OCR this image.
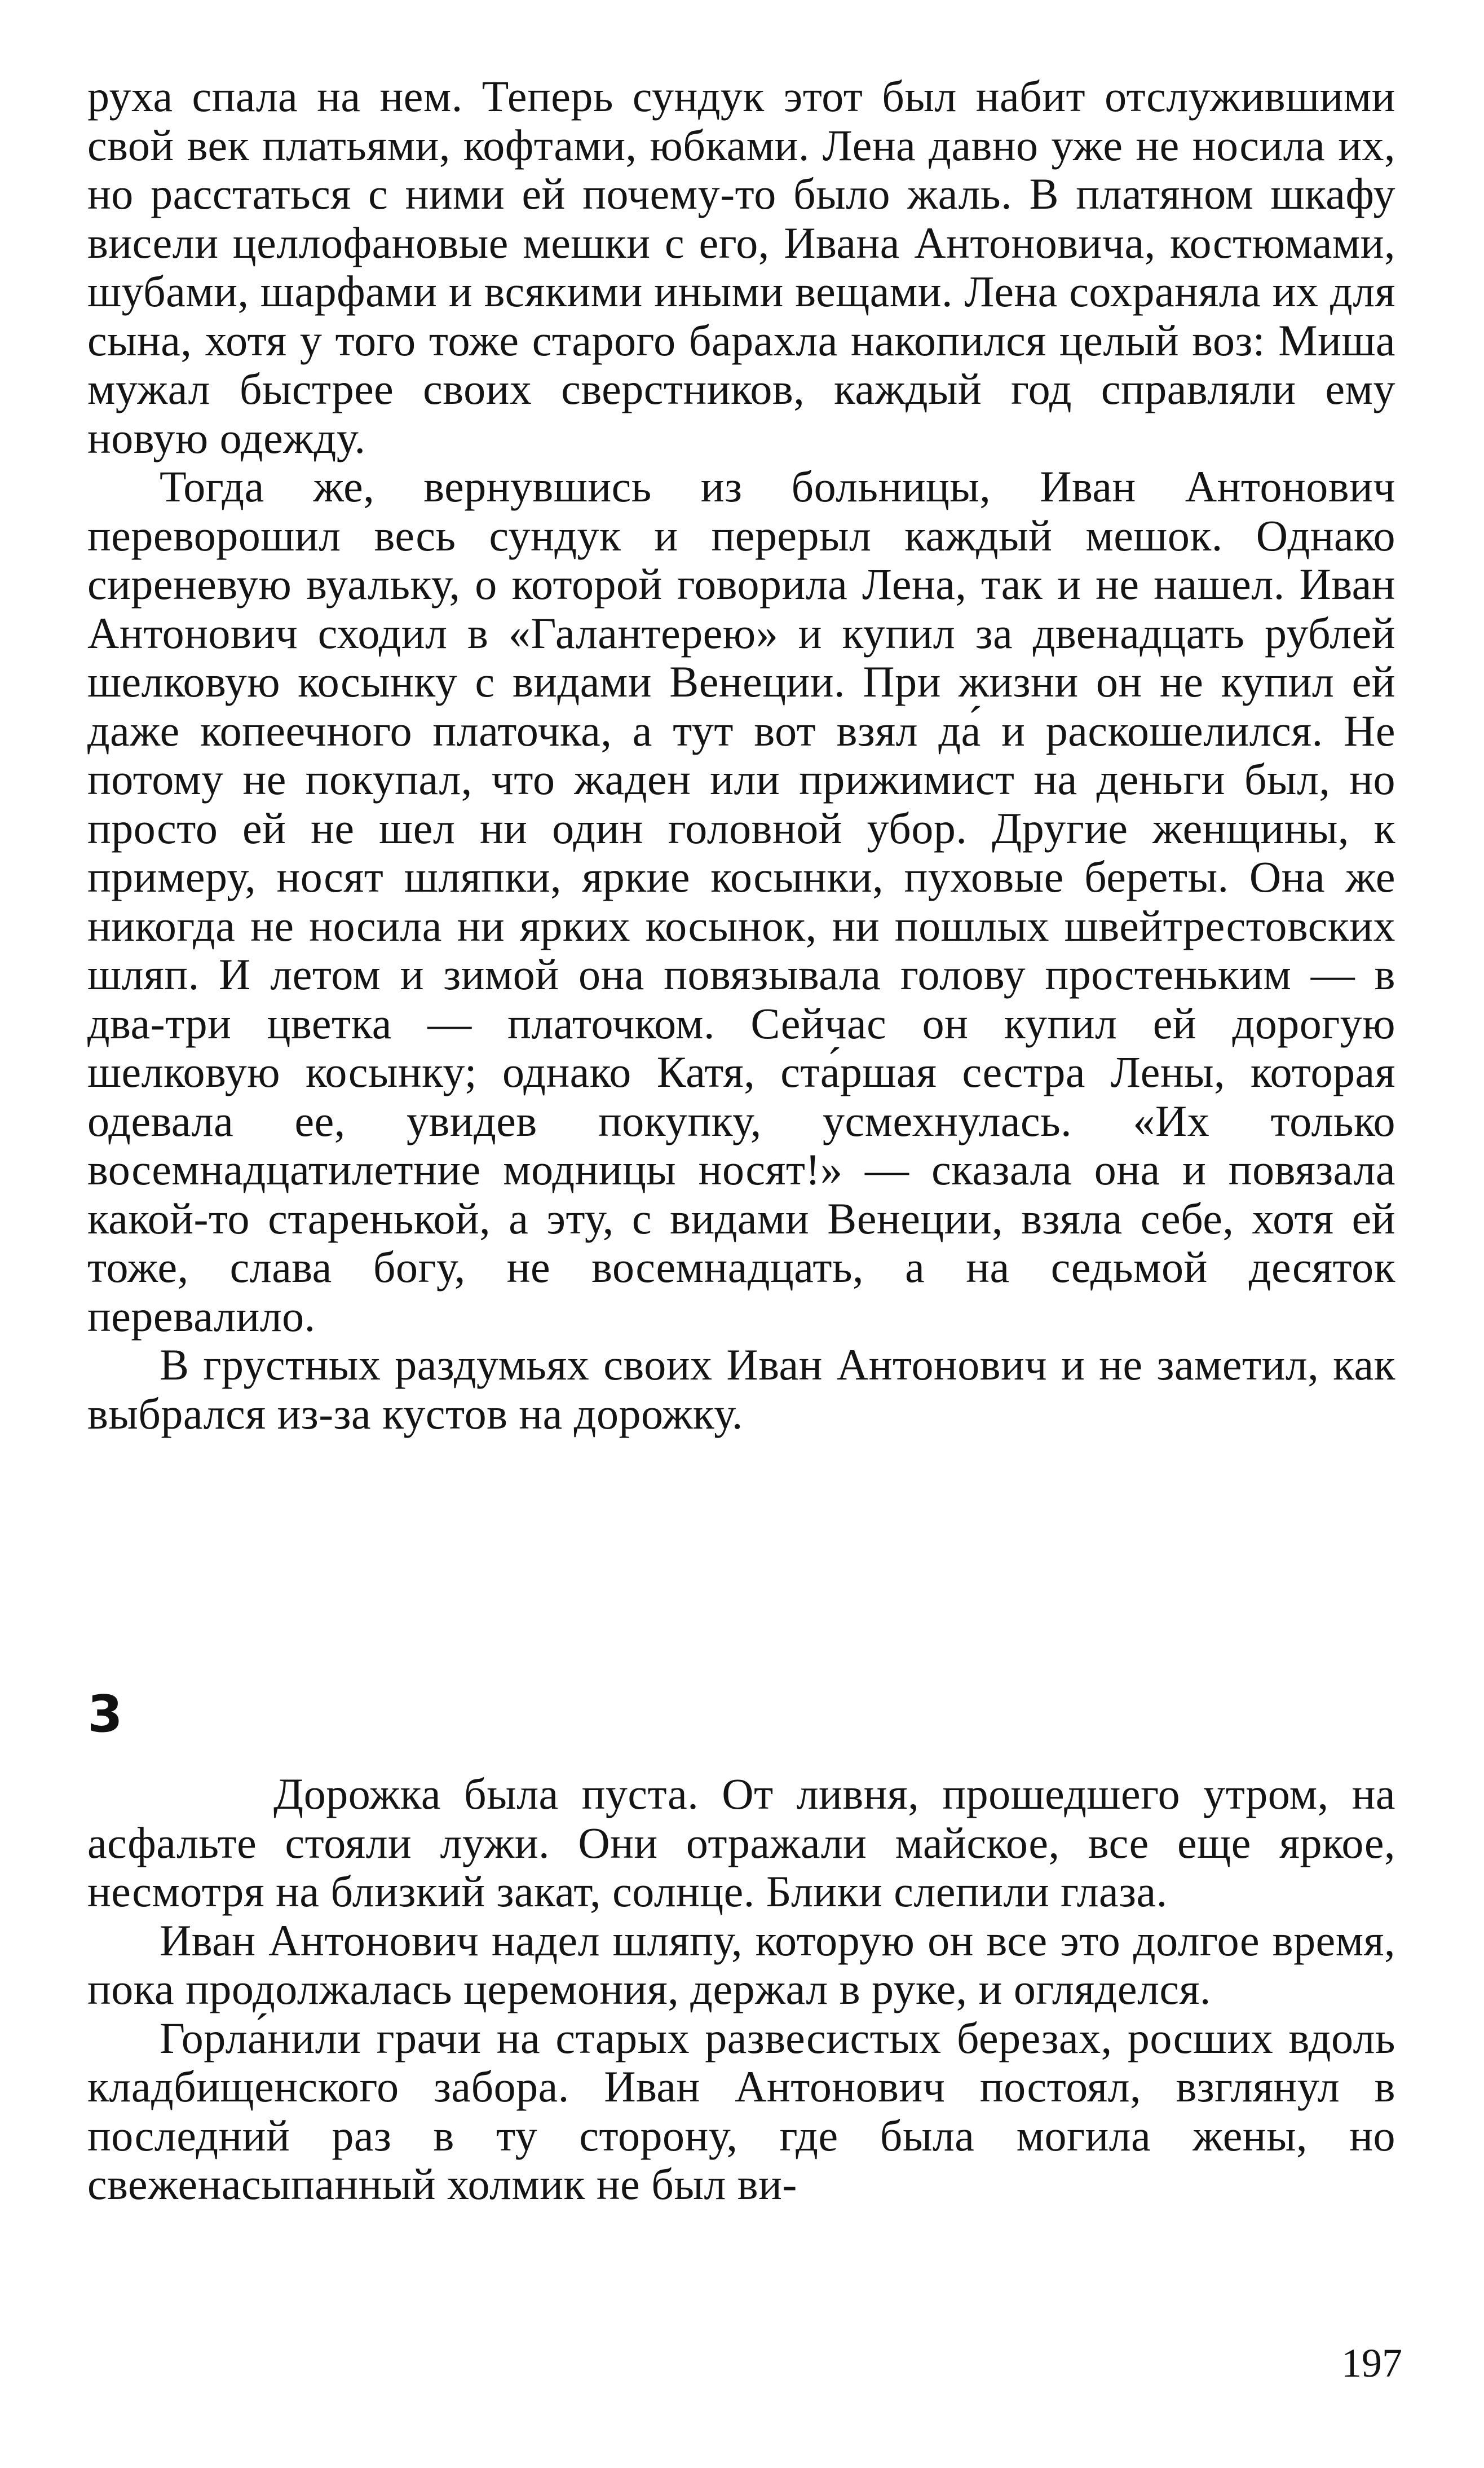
руха спала на нем. Теперь сундук этот был набит отслужившими свой век платьями, кофтами, юбками. Лена давно уже не носила их, но расстаться с ними ей почему-то было жаль. В платяном шкафу висели целлофановые мешки с его, Ивана Антоновича, костюмами, шубами, шарфами и всякими иными вещами. Лена сохраняла их для сына, хотя у того тоже старого барахла накопился целый воз: Миша мужал быстрее своих сверстников, каждый год справляли ему новую одежду.

Тогда же, вернувшись из больницы, Иван Антонович переворошил весь сундук и перерыл каждый мешок. Однако сиреневую вуальку, о которой говорила Лена, так и не нашел. Иван Антонович сходил в «Галантерею» и купил за двенадцать рублей шелковую косынку с видами Венеции. При жизни он не купил ей даже копеечного платочка, а тут вот взял да́ и раскошелился. Не потому не покупал, что жаден или прижимист на деньги был, но просто ей не шел ни один головной убор. Другие женщины, к примеру, носят шляпки, яркие косынки, пуховые береты. Она же никогда не носила ни ярких косынок, ни пошлых швейтрестовских шляп. И летом и зимой она повязывала голову простеньким — в два-три цветка — платочком. Сейчас он купил ей дорогую шелковую косынку; однако Катя, ста́ршая сестра Лены, которая одевала ее, увидев покупку, усмехнулась. «Их только восемнадцатилетние модницы носят!» — сказала она и повязала какой-то старенькой, а эту, с видами Венеции, взяла себе, хотя ей тоже, слава богу, не восемнадцать, а на седьмой десяток перевалило.

В грустных раздумьях своих Иван Антонович и не заметил, как выбрался из-за кустов на дорожку.

3

Дорожка была пуста. От ливня, прошедшего утром, на асфальте стояли лужи. Они отражали майское, все еще яркое, несмотря на близкий закат, солнце. Блики слепили глаза.

Иван Антонович надел шляпу, которую он все это долгое время, пока продолжалась церемония, держал в руке, и огляделся.

Горла́нили грачи на старых развесистых березах, росших вдоль кладбищенского забора. Иван Антонович постоял, взглянул в последний раз в ту сторону, где была могила жены, но свеженасыпанный холмик не был ви-

197
